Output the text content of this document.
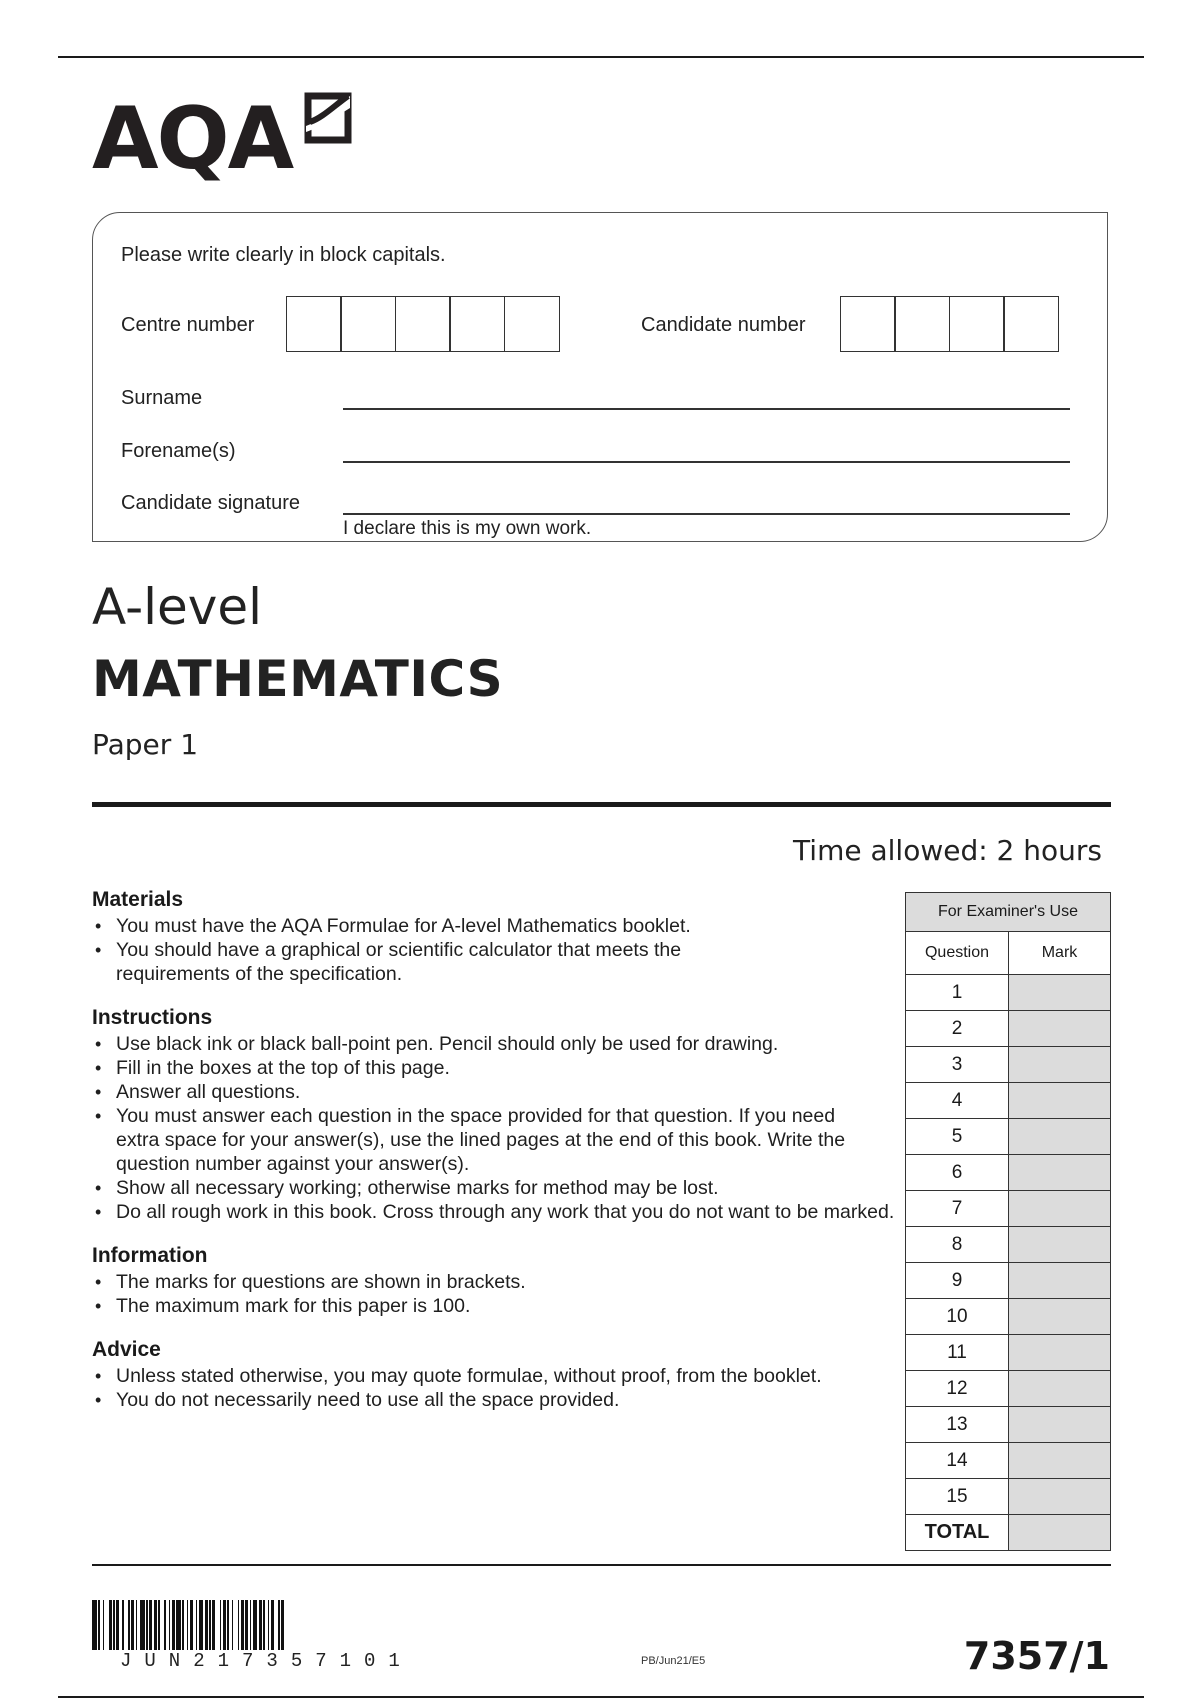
AQA
Please write clearly in block capitals.
Centre number	Candidate number
Surname
Forename(s)
Candidate signature
I declare this is my own work.
A-level
MATHEMATICS
Paper 1
Time allowed: 2 hours
Materials
• You must have the AQA Formulae for A-level Mathematics booklet.
• You should have a graphical or scientific calculator that meets the requirements of the specification.
Instructions
• Use black ink or black ball-point pen. Pencil should only be used for drawing.
• Fill in the boxes at the top of this page.
• Answer all questions.
• You must answer each question in the space provided for that question. If you need extra space for your answer(s), use the lined pages at the end of this book. Write the question number against your answer(s).
• Show all necessary working; otherwise marks for method may be lost.
• Do all rough work in this book. Cross through any work that you do not want to be marked.
Information
• The marks for questions are shown in brackets.
• The maximum mark for this paper is 100.
Advice
• Unless stated otherwise, you may quote formulae, without proof, from the booklet.
• You do not necessarily need to use all the space provided.
For Examiner's Use	
Question	Mark
1	
2	
3	
4	
5	
6	
7	
8	
9	
10	
11	
12	
13	
14	
15	
TOTAL	
JUN217357101	PB/Jun21/E5	7357/1
